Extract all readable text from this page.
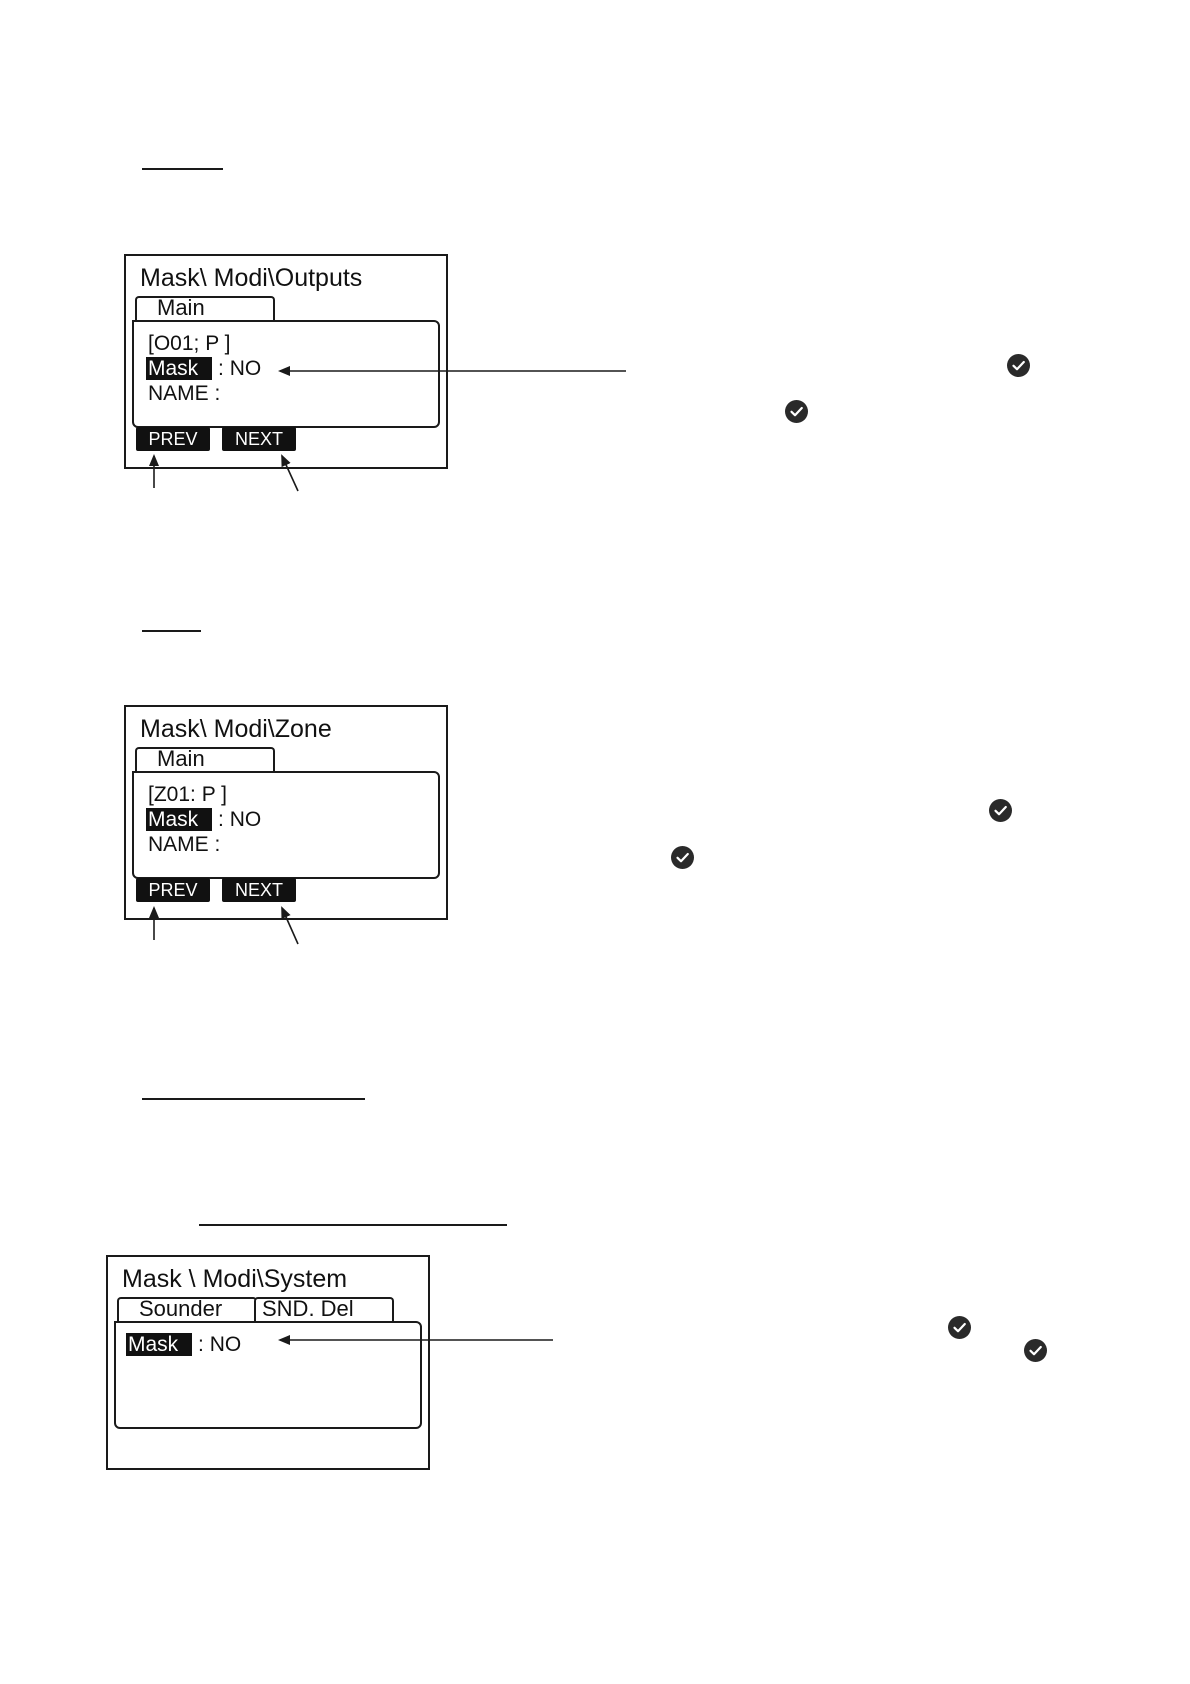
Mask\ Modi\Outputs
Main
[O01; P ]
Mask : NO
NAME :
PREV	NEXT
Mask\ Modi\Zone
Main
[Z01: P ]
Mask : NO
NAME :
PREV	NEXT
Mask \ Modi\System
Sounder SND. Del
Mask : NO
